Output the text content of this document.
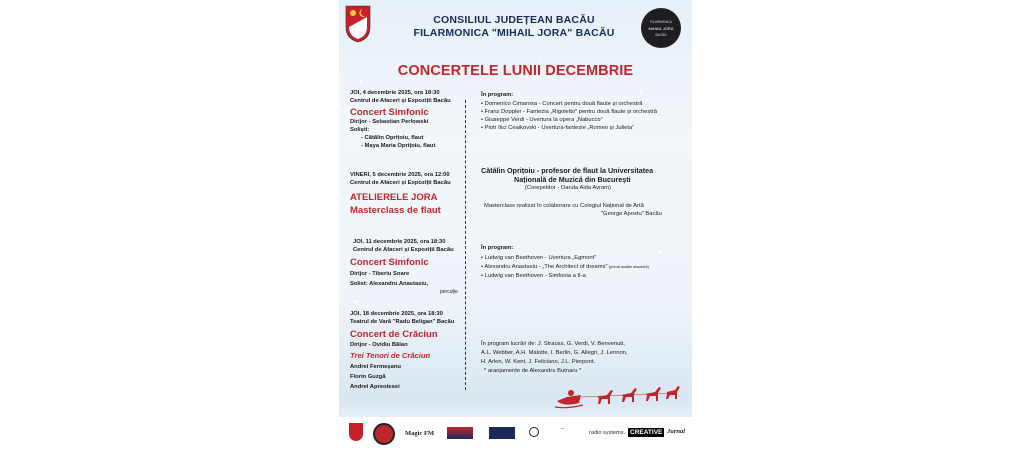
CONSILIUL JUDEȚEAN BACĂU
FILARMONICA "MIHAIL JORA" BACĂU
FILARMONICA
MIHAIL JORA
BACĂU
CONCERTELE LUNII DECEMBRIE
JOI, 4 decembrie 2025, ora 18:30
Centrul de Afaceri și Expoziții Bacău
Concert Simfonic
Dirijor - Sebastian Perlowski
Soliști:
- Cătălin Oprițoiu, flaut
- Maya Maria Oprițoiu, flaut
În program:
• Domenico Cimarosa - Concert pentru două flaute și orchestră
• Franz Doppler - Fantezia „Rigoletto” pentru două flaute și orchestră
• Giuseppe Verdi - Uvertura la opera „Nabucco”
• Piotr Ilici Ceaikovski - Uvertura-fantezie „Romeo și Julieta”
VINERI, 5 decembrie 2025, ora 12:00
Centrul de Afaceri și Expoziții Bacău
ATELIERELE JORA
Masterclass de flaut
Cătălin Oprițoiu - profesor de flaut la Universitatea
Națională de Muzică din București
(Corepetitor - Oanda Aida Avram)
Masterclass realizat în colaborare cu Colegiul Național de Artă
"George Apostu" Bacău
JOI, 11 decembrie 2025, ora 18:30
Centrul de Afaceri și Expoziții Bacău
Concert Simfonic
Dirijor - Tiberiu Soare
Solist: Alexandru Anastasiu,
percuție
În program:
• Ludwig van Beethoven - Uvertura „Egmont”
• Alexandru Anastasiu - „The Architect of dreams” (primă audiție absolută)
• Ludwig van Beethoven - Simfonia a II-a
JOI, 18 decembrie 2025, ora 18:30
Teatrul de Vară "Radu Beligan" Bacău
Concert de Crăciun
Dirijor - Ovidiu Bălan
Trei Tenori de Crăciun
Andrei Fermeșanu
Florin Guzgă
Andrei Apreotesei
În program lucrări de: J. Strauss, G. Verdi, V. Benvenuti,
A.L. Webber, A.H. Malotte, I. Berlin, G. Allegri, J. Lennon,
H. Arlen, W. Kent, J. Feliciano, J.L. Pierpont.
* aranjamente de Alexandru Butnaru *
Magic FM
~
radio systems CREATIVE Jurnal
